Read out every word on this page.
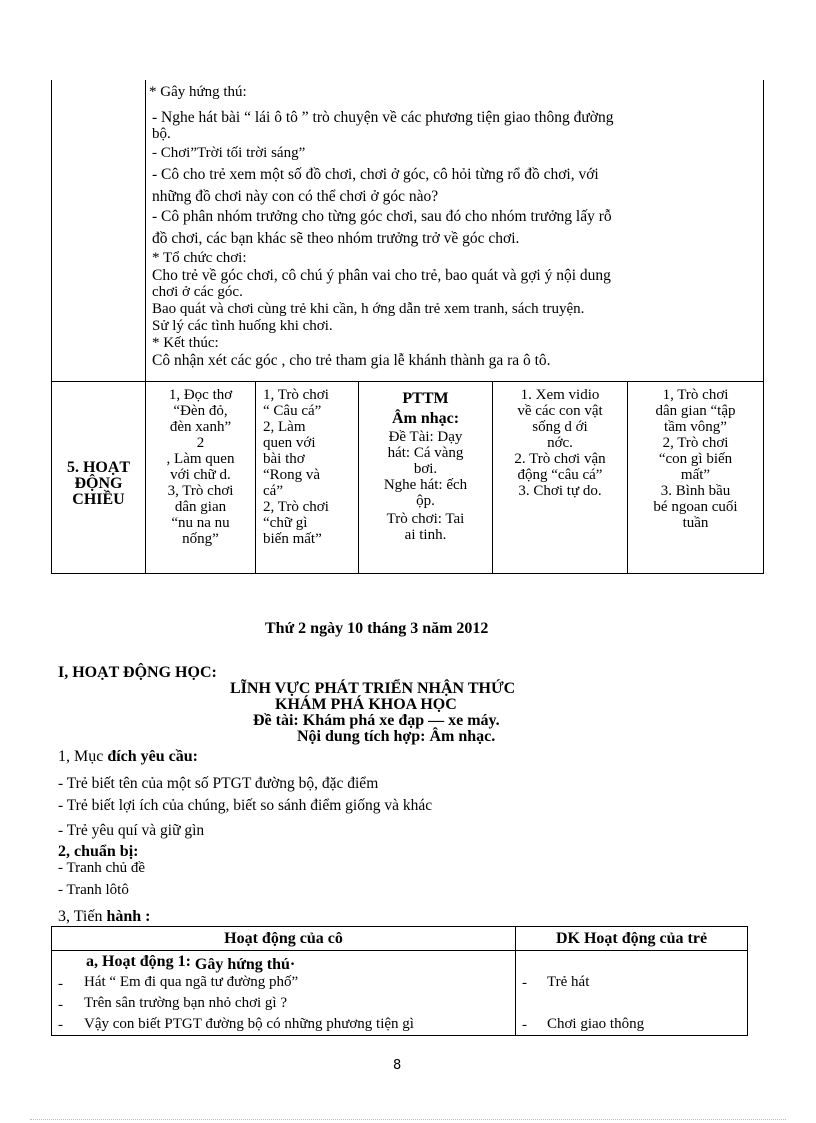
* Gây hứng thú:
- Nghe hát bài “ lái ô tô ” trò chuyện về các phương tiện giao thông đường
bộ.
- Chơi”Trời tối trời sáng”
- Cô cho trẻ xem một số đồ chơi, chơi ở góc, cô hỏi từng rổ đồ chơi, với
những đồ chơi này con có thể chơi ở góc nào?
- Cô phân nhóm trưởng cho từng góc chơi, sau đó cho nhóm trưởng lấy rỗ
đồ chơi, các bạn khác sẽ theo nhóm trưởng trở về góc chơi.
* Tổ chức chơi:
Cho trẻ về góc chơi, cô chú ý phân vai cho trẻ, bao quát và gợi ý nội dung
chơi ở các góc.
Bao quát và chơi cùng trẻ khi cần, h ớng dẫn trẻ xem tranh, sách truyện.
Sử lý các tình huống khi chơi.
* Kết thúc:
Cô nhận xét các góc , cho trẻ tham gia lễ khánh thành ga ra ô tô.
5. HOẠT
ĐỘNG
CHIỀU
1, Đọc thơ
“Đèn đỏ,
đèn xanh”
2
, Làm quen
với chữ d.
3, Trò chơi
dân gian
“nu na nu
nống”
1, Trò chơi
“ Câu cá”
2, Làm
quen với
bài thơ
“Rong và
cá”
2, Trò chơi
“chữ gì
biến mất”
PTTM
Âm nhạc:
Đề Tài: Dạy
hát: Cá vàng
bơi.
Nghe hát: ếch
ộp.
Trò chơi: Tai
ai tinh.
1. Xem vidio
về các con vật
sống d ới
nớc.
2. Trò chơi vận
động “câu cá”
3. Chơi tự do.
1, Trò chơi
dân gian “tập
tầm vông”
2, Trò chơi
“con gì biến
mất”
3. Bình bầu
bé ngoan cuối
tuần
Thứ 2 ngày 10 tháng 3 năm 2012
I, HOẠT ĐỘNG HỌC:
LĨNH VỰC PHÁT TRIỂN NHẬN THỨC
KHÁM PHÁ KHOA HỌC
Đề tài: Khám phá xe đạp — xe máy.
Nội dung tích hợp: Âm nhạc.
1, Mục đích yêu cầu:
- Trẻ biết tên của một số PTGT đường bộ, đặc điểm
- Trẻ biết lợi ích của chúng, biết so sánh điểm giống và khác
- Trẻ yêu quí và giữ gìn
2, chuẩn bị:
- Tranh chủ đề
- Tranh lôtô
3, Tiến hành :
Hoạt động của cô	DK Hoạt động của trẻ
a, Hoạt động 1: Gây hứng thú·
- Hát “ Em đi qua ngã tư đường phố”
- Trên sân trường bạn nhỏ chơi gì ?
- Vậy con biết PTGT đường bộ có những phương tiện gì
- Trẻ hát
- Chơi giao thông
8
